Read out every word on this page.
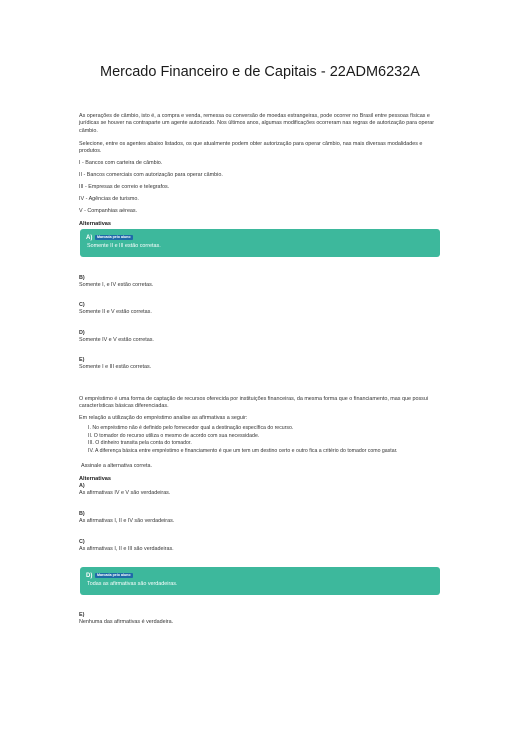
Mercado Financeiro e de Capitais - 22ADM6232A

As operações de câmbio, isto é, a compra e venda, remessa ou conversão de moedas estrangeiras, pode ocorrer no Brasil entre pessoas físicas e jurídicas se houver na contraparte um agente autorizado. Nos últimos anos, algumas modificações ocorreram nas regras de autorização para operar câmbio.

Selecione, entre os agentes abaixo listados, os que atualmente podem obter autorização para operar câmbio, nas mais diversas modalidades e produtos.

I - Bancos com carteira de câmbio.
II - Bancos comerciais com autorização para operar câmbio.
III - Empresas de correio e telegrafos.
IV - Agências de turismo.
V - Companhias aéreas.
Alternativas
A)	Marcada pelo aluno
Somente II e III estão corretas.
B)
Somente I, e IV estão corretas.
C)
Somente II e V estão corretas.
D)
Somente IV e V estão corretas.
E)
Somente I e III estão corretas.

O empréstimo é uma forma de captação de recursos oferecida por instituições financeiras, da mesma forma que o financiamento, mas que possui características básicas diferenciadas.

Em relação a utilização do empréstimo analise as afirmativas a seguir:

I. No empréstimo não é definido pelo fornecedor qual a destinação específica do recurso.
II. O tomador do recurso utiliza o mesmo de acordo com sua necessidade.
III. O dinheiro transita pela conta do tomador.
IV. A diferença básica entre empréstimo e financiamento é que um tem um destino certo e outro fica a critério do tomador como gastar.
Assinale a alternativa correta.
Alternativas
A)
As afirmativas IV e V são verdadeiras.
B)
As afirmativas I, II e IV são verdadeiras.
C)
As afirmativas I, II e III são verdadeiras.
D)	Marcada pelo aluno
Todas as afirmativas são verdadeiras.
E)
Nenhuma das afirmativas é verdadeira.
